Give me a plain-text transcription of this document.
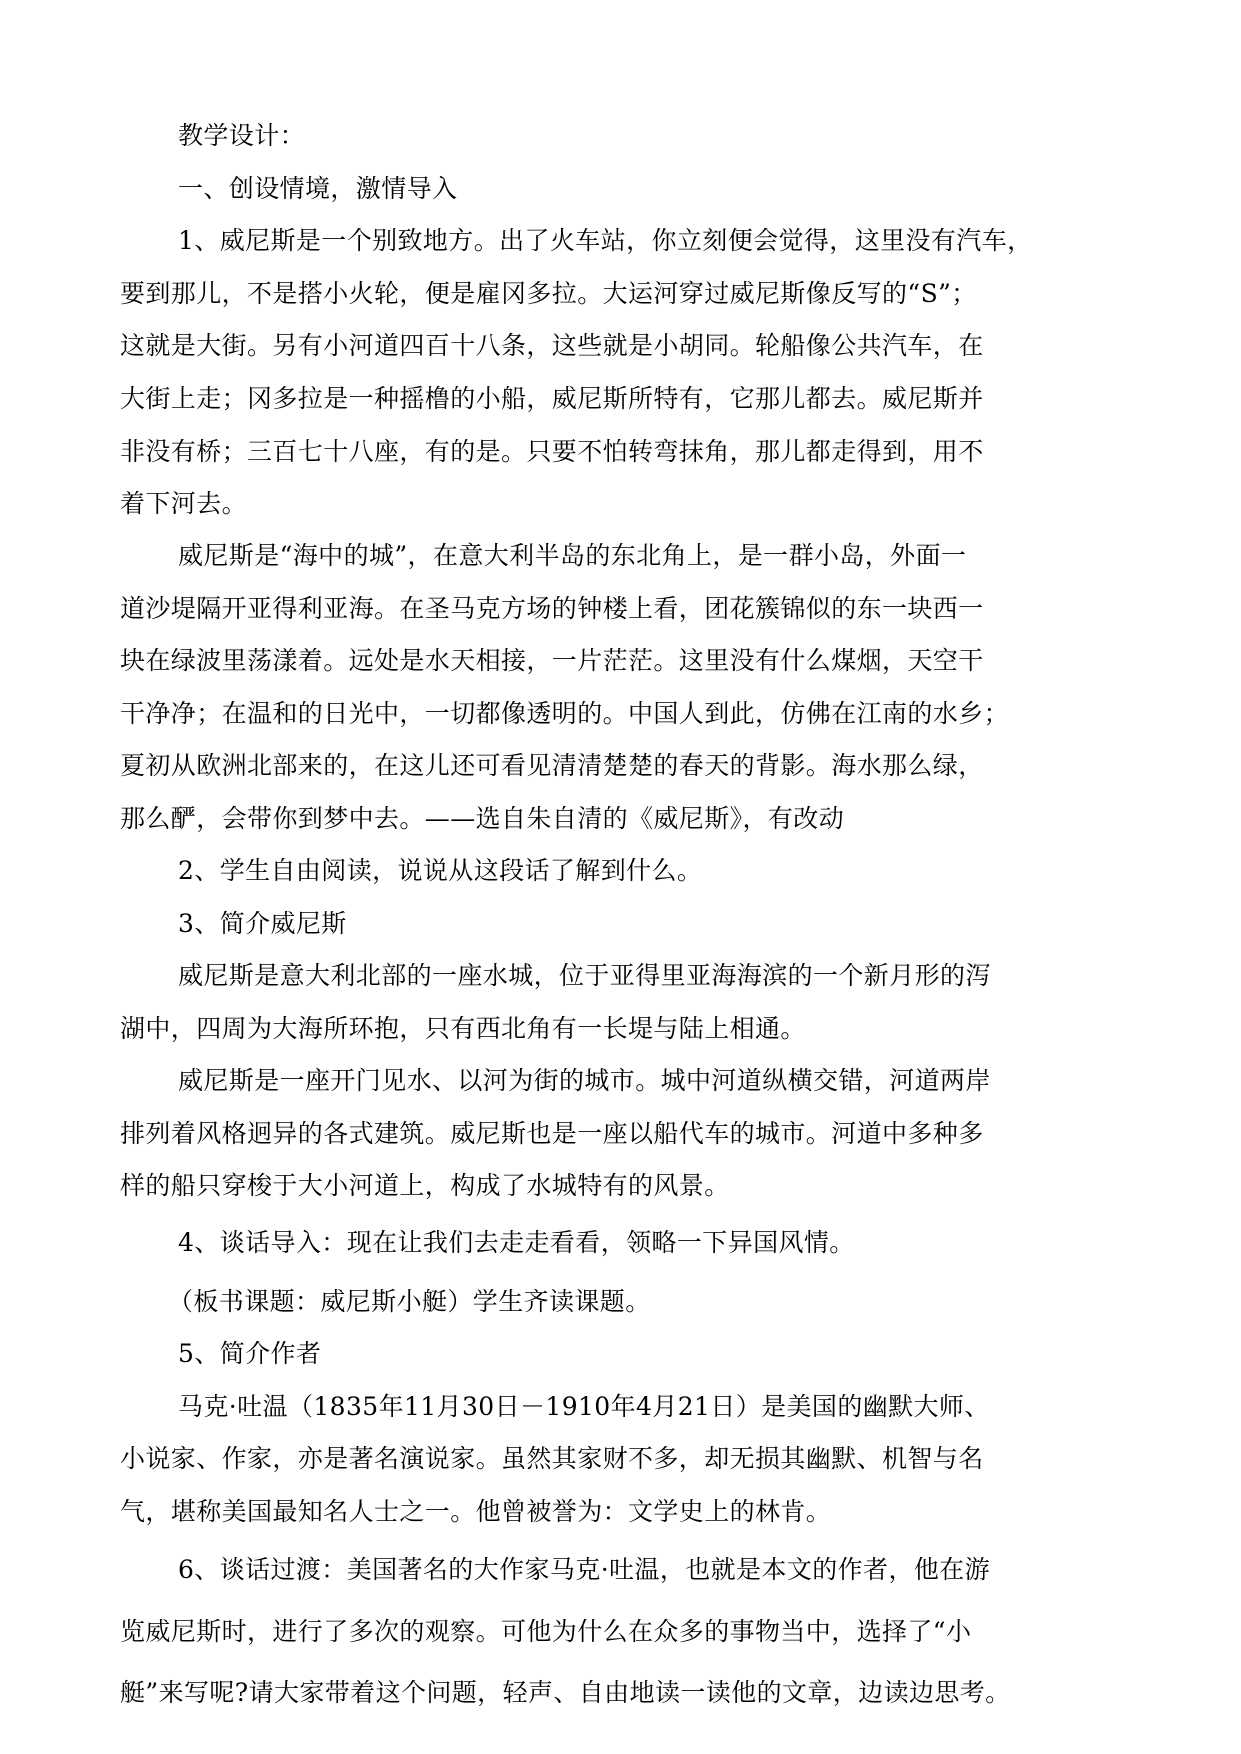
教学设计：
一、创设情境，激情导入
1、威尼斯是一个别致地方。出了火车站，你立刻便会觉得，这里没有汽车，
要到那儿，不是搭小火轮，便是雇冈多拉。大运河穿过威尼斯像反写的“S”；
这就是大街。另有小河道四百十八条，这些就是小胡同。轮船像公共汽车，在
大街上走；冈多拉是一种摇橹的小船，威尼斯所特有，它那儿都去。威尼斯并
非没有桥；三百七十八座，有的是。只要不怕转弯抹角，那儿都走得到，用不
着下河去。
威尼斯是“海中的城”，在意大利半岛的东北角上，是一群小岛，外面一
道沙堤隔开亚得利亚海。在圣马克方场的钟楼上看，团花簇锦似的东一块西一
块在绿波里荡漾着。远处是水天相接，一片茫茫。这里没有什么煤烟，天空干
干净净；在温和的日光中，一切都像透明的。中国人到此，仿佛在江南的水乡；
夏初从欧洲北部来的，在这儿还可看见清清楚楚的春天的背影。海水那么绿，
那么酽，会带你到梦中去。——选自朱自清的《威尼斯》，有改动
2、学生自由阅读，说说从这段话了解到什么。
3、简介威尼斯
威尼斯是意大利北部的一座水城，位于亚得里亚海海滨的一个新月形的泻
湖中，四周为大海所环抱，只有西北角有一长堤与陆上相通。
威尼斯是一座开门见水、以河为街的城市。城中河道纵横交错，河道两岸
排列着风格迥异的各式建筑。威尼斯也是一座以船代车的城市。河道中多种多
样的船只穿梭于大小河道上，构成了水城特有的风景。
4、谈话导入：现在让我们去走走看看，领略一下异国风情。
（板书课题：威尼斯小艇）学生齐读课题。
5、简介作者
马克·吐温（1835年11月30日－1910年4月21日）是美国的幽默大师、
小说家、作家，亦是著名演说家。虽然其家财不多，却无损其幽默、机智与名
气，堪称美国最知名人士之一。他曾被誉为：文学史上的林肯。
6、谈话过渡：美国著名的大作家马克·吐温，也就是本文的作者，他在游
览威尼斯时，进行了多次的观察。可他为什么在众多的事物当中，选择了“小
艇”来写呢?请大家带着这个问题，轻声、自由地读一读他的文章，边读边思考。
